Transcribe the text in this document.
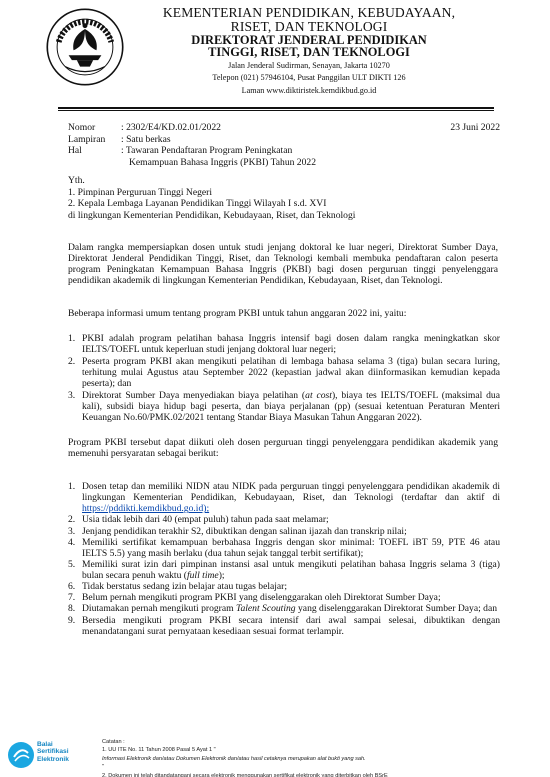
KEMENTERIAN PENDIDIKAN, KEBUDAYAAN,
RISET, DAN TEKNOLOGI
DIREKTORAT JENDERAL PENDIDIKAN
TINGGI, RISET, DAN TEKNOLOGI
Jalan Jenderal Sudirman, Senayan, Jakarta 10270
Telepon (021) 57946104, Pusat Panggilan ULT DIKTI 126
Laman www.diktiristek.kemdikbud.go.id
Nomor	: 2302/E4/KD.02.01/2022	23 Juni 2022
Lampiran : Satu berkas
Hal	: Tawaran Pendaftaran Program Peningkatan
Kemampuan Bahasa Inggris (PKBI) Tahun 2022
Yth.
1. Pimpinan Perguruan Tinggi Negeri
2. Kepala Lembaga Layanan Pendidikan Tinggi Wilayah I s.d. XVI
di lingkungan Kementerian Pendidikan, Kebudayaan, Riset, dan Teknologi

Dalam rangka mempersiapkan dosen untuk studi jenjang doktoral ke luar negeri, Direktorat Sumber Daya, Direktorat Jenderal Pendidikan Tinggi, Riset, dan Teknologi kembali membuka pendaftaran calon peserta program Peningkatan Kemampuan Bahasa Inggris (PKBI) bagi dosen perguruan tinggi penyelenggara pendidikan akademik di lingkungan Kementerian Pendidikan, Kebudayaan, Riset, dan Teknologi.

Beberapa informasi umum tentang program PKBI untuk tahun anggaran 2022 ini, yaitu:

1. PKBI adalah program pelatihan bahasa Inggris intensif bagi dosen dalam rangka meningkatkan skor IELTS/TOEFL untuk keperluan studi jenjang doktoral luar negeri;
2. Peserta program PKBI akan mengikuti pelatihan di lembaga bahasa selama 3 (tiga) bulan secara luring, terhitung mulai Agustus atau September 2022 (kepastian jadwal akan diinformasikan kemudian kepada peserta); dan
3. Direktorat Sumber Daya menyediakan biaya pelatihan (at cost), biaya tes IELTS/TOEFL (maksimal dua kali), subsidi biaya hidup bagi peserta, dan biaya perjalanan (pp) (sesuai ketentuan Peraturan Menteri Keuangan No.60/PMK.02/2021 tentang Standar Biaya Masukan Tahun Anggaran 2022).

Program PKBI tersebut dapat diikuti oleh dosen perguruan tinggi penyelenggara pendidikan akademik yang memenuhi persyaratan sebagai berikut:

1. Dosen tetap dan memiliki NIDN atau NIDK pada perguruan tinggi penyelenggara pendidikan akademik di lingkungan Kementerian Pendidikan, Kebudayaan, Riset, dan Teknologi (terdaftar dan aktif di https://pddikti.kemdikbud.go.id);
2. Usia tidak lebih dari 40 (empat puluh) tahun pada saat melamar;
3. Jenjang pendidikan terakhir S2, dibuktikan dengan salinan ijazah dan transkrip nilai;
4. Memiliki sertifikat kemampuan berbahasa Inggris dengan skor minimal: TOEFL iBT 59, PTE 46 atau IELTS 5.5) yang masih berlaku (dua tahun sejak tanggal terbit sertifikat);
5. Memiliki surat izin dari pimpinan instansi asal untuk mengikuti pelatihan bahasa Inggris selama 3 (tiga) bulan secara penuh waktu (full time);
6. Tidak berstatus sedang izin belajar atau tugas belajar;
7. Belum pernah mengikuti program PKBI yang diselenggarakan oleh Direktorat Sumber Daya;
8. Diutamakan pernah mengikuti program Talent Scouting yang diselenggarakan Direktorat Sumber Daya; dan
9. Bersedia mengikuti program PKBI secara intensif dari awal sampai selesai, dibuktikan dengan menandatangani surat pernyataan kesediaan sesuai format terlampir.
Balai
Sertifikasi
Elektronik
Catatan :
1. UU ITE No. 11 Tahun 2008 Pasal 5 Ayat 1 "
Informasi Elektronik dan/atau Dokumen Elektronik dan/atau hasil cetaknya merupakan alat bukti yang sah.
"
2. Dokumen ini telah ditandatangani secara elektronik menggunakan sertifikat elektronik yang diterbitkan oleh BSrE
